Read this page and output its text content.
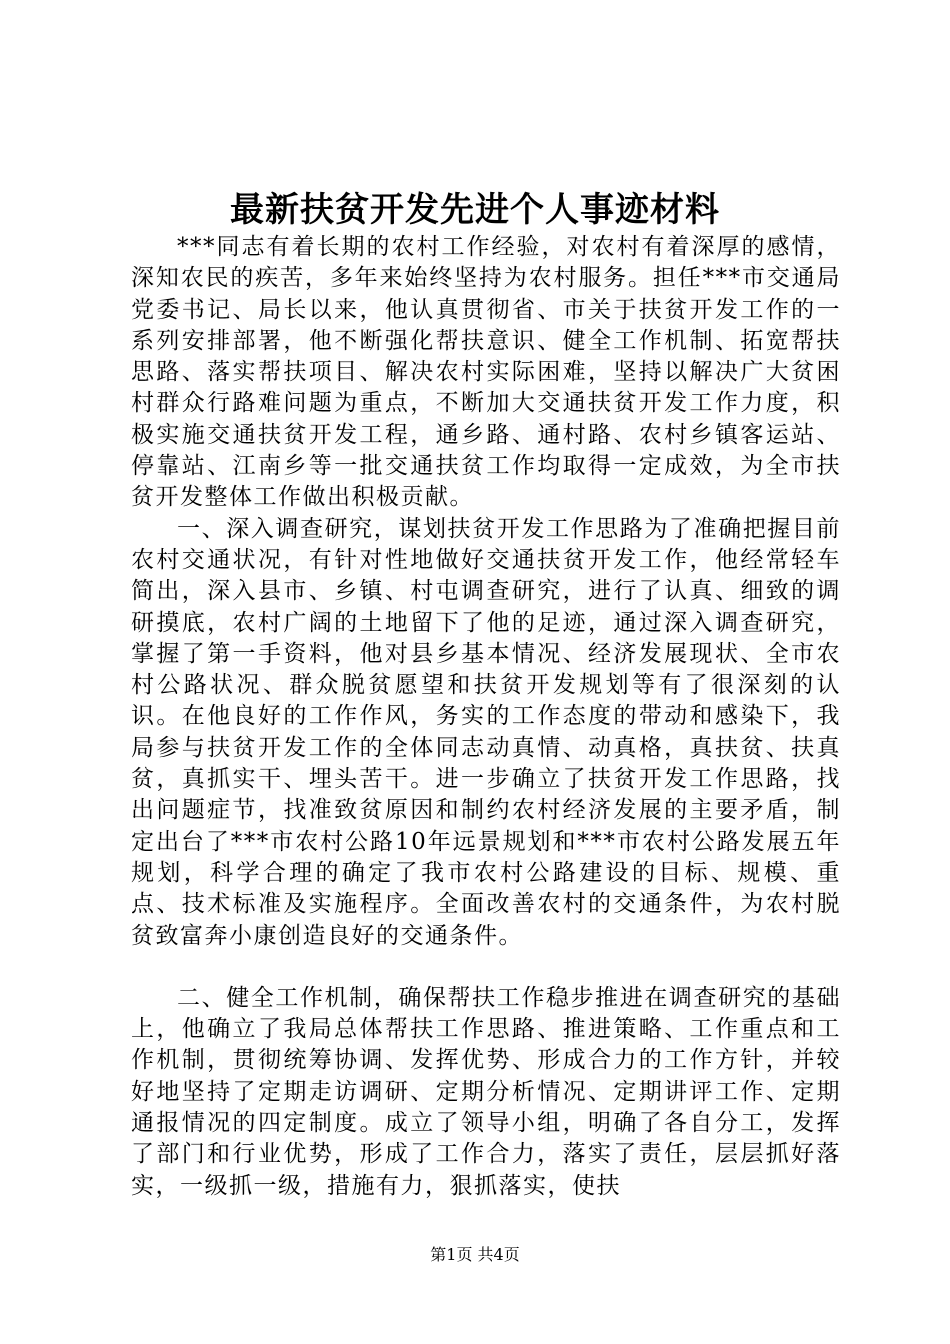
最新扶贫开发先进个人事迹材料

***同志有着长期的农村工作经验，对农村有着深厚的感情，深知农民的疾苦，多年来始终坚持为农村服务。担任***市交通局党委书记、局长以来，他认真贯彻省、市关于扶贫开发工作的一系列安排部署，他不断强化帮扶意识、健全工作机制、拓宽帮扶思路、落实帮扶项目、解决农村实际困难，坚持以解决广大贫困村群众行路难问题为重点，不断加大交通扶贫开发工作力度，积极实施交通扶贫开发工程，通乡路、通村路、农村乡镇客运站、停靠站、江南乡等一批交通扶贫工作均取得一定成效，为全市扶贫开发整体工作做出积极贡献。

一、深入调查研究，谋划扶贫开发工作思路为了准确把握目前农村交通状况，有针对性地做好交通扶贫开发工作，他经常轻车简出，深入县市、乡镇、村屯调查研究，进行了认真、细致的调研摸底，农村广阔的土地留下了他的足迹，通过深入调查研究，掌握了第一手资料，他对县乡基本情况、经济发展现状、全市农村公路状况、群众脱贫愿望和扶贫开发规划等有了很深刻的认识。在他良好的工作作风，务实的工作态度的带动和感染下，我局参与扶贫开发工作的全体同志动真情、动真格，真扶贫、扶真贫，真抓实干、埋头苦干。进一步确立了扶贫开发工作思路，找出问题症节，找准致贫原因和制约农村经济发展的主要矛盾，制定出台了***市农村公路10年远景规划和***市农村公路发展五年规划，科学合理的确定了我市农村公路建设的目标、规模、重点、技术标准及实施程序。全面改善农村的交通条件，为农村脱贫致富奔小康创造良好的交通条件。

二、健全工作机制，确保帮扶工作稳步推进在调查研究的基础上，他确立了我局总体帮扶工作思路、推进策略、工作重点和工作机制，贯彻统筹协调、发挥优势、形成合力的工作方针，并较好地坚持了定期走访调研、定期分析情况、定期讲评工作、定期通报情况的四定制度。成立了领导小组，明确了各自分工，发挥了部门和行业优势，形成了工作合力，落实了责任，层层抓好落实，一级抓一级，措施有力，狠抓落实，使扶

第1页 共4页
